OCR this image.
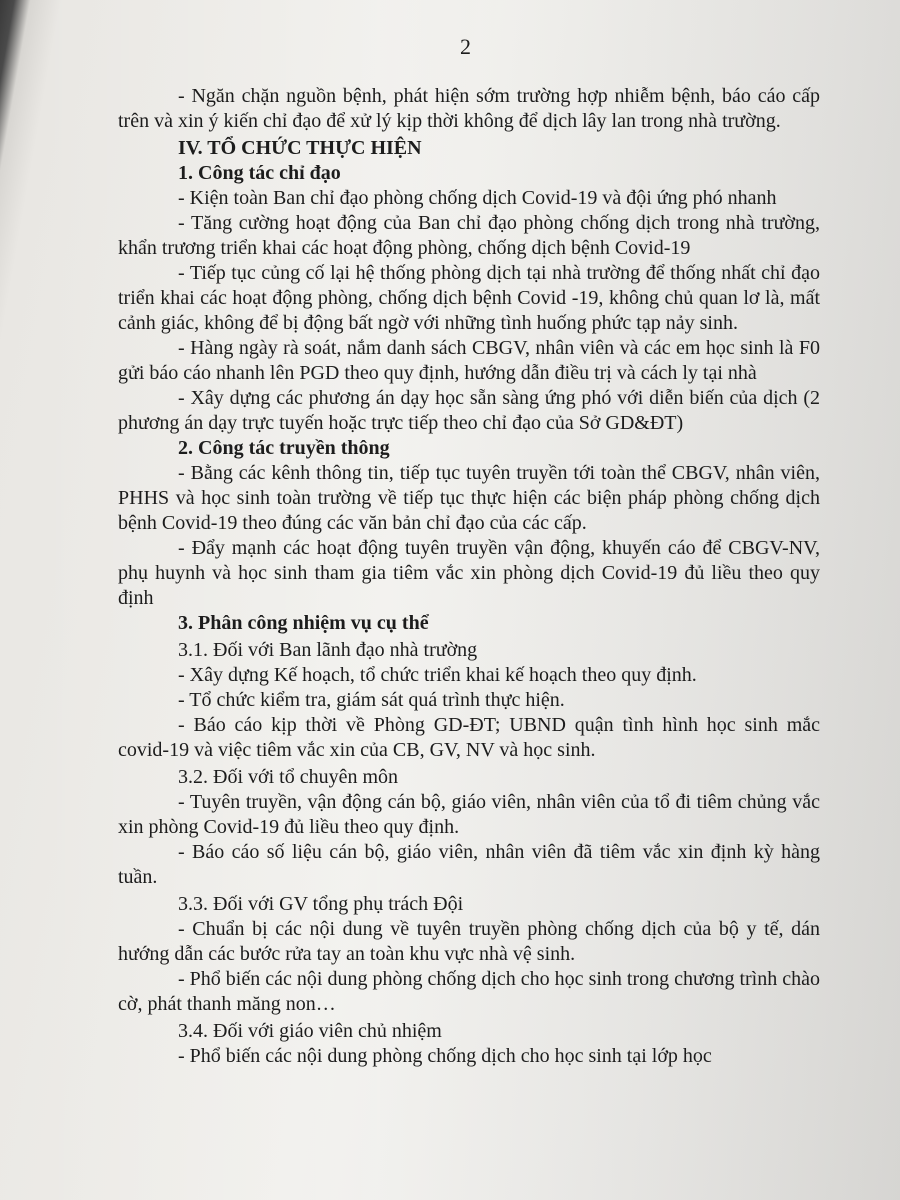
2

- Ngăn chặn nguồn bệnh, phát hiện sớm trường hợp nhiễm bệnh, báo cáo cấp trên và xin ý kiến chỉ đạo để xử lý kịp thời không để dịch lây lan trong nhà trường.

IV. TỔ CHỨC THỰC HIỆN

1. Công tác chỉ đạo

- Kiện toàn Ban chỉ đạo phòng chống dịch Covid-19 và đội ứng phó nhanh

- Tăng cường hoạt động của Ban chỉ đạo phòng chống dịch trong nhà trường, khẩn trương triển khai các hoạt động phòng, chống dịch bệnh Covid-19

- Tiếp tục củng cố lại hệ thống phòng dịch tại nhà trường để thống nhất chỉ đạo triển khai các hoạt động phòng, chống dịch bệnh Covid -19, không chủ quan lơ là, mất cảnh giác, không để bị động bất ngờ với những tình huống phức tạp nảy sinh.

- Hàng ngày rà soát, nắm danh sách CBGV, nhân viên và các em học sinh là F0 gửi báo cáo nhanh lên PGD theo quy định, hướng dẫn điều trị và cách ly tại nhà

- Xây dựng các phương án dạy học sẵn sàng ứng phó với diễn biến của dịch (2 phương án dạy trực tuyến hoặc trực tiếp theo chỉ đạo của Sở GD&ĐT)

2. Công tác truyền thông

- Bằng các kênh thông tin, tiếp tục tuyên truyền tới toàn thể CBGV, nhân viên, PHHS và học sinh toàn trường về tiếp tục thực hiện các biện pháp phòng chống dịch bệnh Covid-19 theo đúng các văn bản chỉ đạo của các cấp.

- Đẩy mạnh các hoạt động tuyên truyền vận động, khuyến cáo để CBGV-NV, phụ huynh và học sinh tham gia tiêm vắc xin phòng dịch Covid-19 đủ liều theo quy định

3. Phân công nhiệm vụ cụ thể

3.1. Đối với Ban lãnh đạo nhà trường

- Xây dựng Kế hoạch, tổ chức triển khai kế hoạch theo quy định.

- Tổ chức kiểm tra, giám sát quá trình thực hiện.

- Báo cáo kịp thời về Phòng GD-ĐT; UBND quận tình hình học sinh mắc covid-19 và việc tiêm vắc xin của CB, GV, NV và học sinh.

3.2. Đối với tổ chuyên môn

- Tuyên truyền, vận động cán bộ, giáo viên, nhân viên của tổ đi tiêm chủng vắc xin phòng Covid-19 đủ liều theo quy định.

- Báo cáo số liệu cán bộ, giáo viên, nhân viên đã tiêm vắc xin định kỳ hàng tuần.

3.3. Đối với GV tổng phụ trách Đội

- Chuẩn bị các nội dung về tuyên truyền phòng chống dịch của bộ y tế, dán hướng dẫn các bước rửa tay an toàn khu vực nhà vệ sinh.

- Phổ biến các nội dung phòng chống dịch cho học sinh trong chương trình chào cờ, phát thanh măng non…

3.4. Đối với giáo viên chủ nhiệm

- Phổ biến các nội dung phòng chống dịch cho học sinh tại lớp học
